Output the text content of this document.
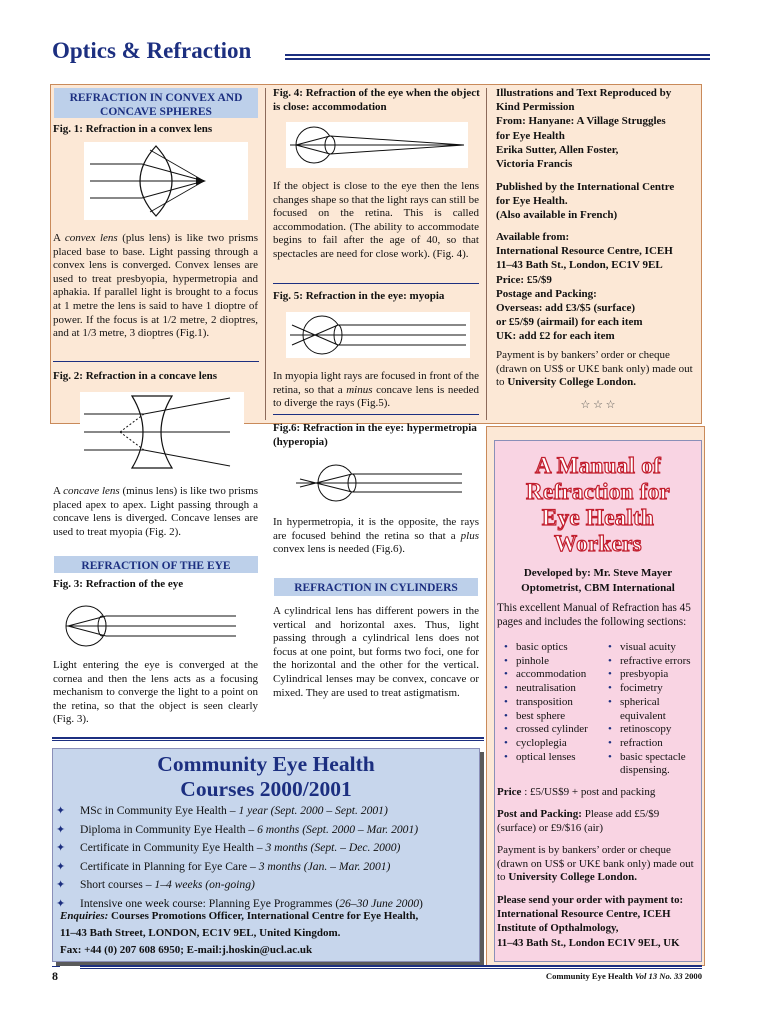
Optics & Refraction
REFRACTION IN CONVEX AND CONCAVE SPHERES
Fig. 1: Refraction in a convex lens
A convex lens (plus lens) is like two prisms placed base to base. Light passing through a convex lens is converged. Convex lenses are used to treat presbyopia, hypermetropia and aphakia. If parallel light is brought to a focus at 1 metre the lens is said to have 1 dioptre of power. If the focus is at 1/2 metre, 2 dioptres, and at 1/3 metre, 3 dioptres (Fig.1).
Fig. 2: Refraction in a concave lens
A concave lens (minus lens) is like two prisms placed apex to apex. Light passing through a concave lens is diverged. Concave lenses are used to treat myopia (Fig. 2).
REFRACTION OF THE EYE
Fig. 3: Refraction of the eye
Light entering the eye is converged at the cornea and then the lens acts as a focusing mechanism to converge the light to a point on the retina, so that the object is seen clearly (Fig. 3).
Fig. 4: Refraction of the eye when the object is close: accommodation
If the object is close to the eye then the lens changes shape so that the light rays can still be focused on the retina. This is called accommodation. (The ability to accommodate begins to fail after the age of 40, so that spectacles are need for close work). (Fig. 4).
Fig. 5: Refraction in the eye: myopia
In myopia light rays are focused in front of the retina, so that a minus concave lens is needed to diverge the rays (Fig.5).
Fig.6: Refraction in the eye: hypermetropia (hyperopia)
In hypermetropia, it is the opposite, the rays are focused behind the retina so that a plus convex lens is needed (Fig.6).
REFRACTION IN CYLINDERS
A cylindrical lens has different powers in the vertical and horizontal axes. Thus, light passing through a cylindrical lens does not focus at one point, but forms two foci, one for the horizontal and the other for the vertical. Cylindrical lenses may be convex, concave or mixed. They are used to treat astigmatism.
Illustrations and Text Reproduced by
Kind Permission
From: Hanyane: A Village Struggles
for Eye Health
Erika Sutter, Allen Foster,
Victoria Francis
Published by the International Centre
for Eye Health.
(Also available in French)
Available from:
International Resource Centre, ICEH
11–43 Bath St., London, EC1V 9EL
Price: £5/$9
Postage and Packing:
Overseas: add £3/$5 (surface)
or £5/$9 (airmail) for each item
UK: add £2 for each item
Payment is by bankers’ order or cheque (drawn on US$ or UK£ bank only) made out to University College London.
☆ ☆ ☆
A Manual of
Refraction for
Eye Health
Workers
Developed by: Mr. Steve Mayer
Optometrist, CBM International
This excellent Manual of Refraction has 45 pages and includes the following sections:
• basic optics
• pinhole
• accommodation
• neutralisation
• transposition
• best sphere
• crossed cylinder
• cycloplegia
• optical lenses
• visual acuity
• refractive errors
• presbyopia
• focimetry
• spherical
equivalent
• retinoscopy
• refraction
• basic spectacle
dispensing.
Price : £5/US$9 + post and packing
Post and Packing: Please add £5/$9 (surface) or £9/$16 (air)
Payment is by bankers’ order or cheque (drawn on US$ or UK£ bank only) made out to University College London.
Please send your order with payment to:
International Resource Centre, ICEH
Institute of Opthalmology,
11–43 Bath St., London EC1V 9EL, UK
Community Eye Health
Courses 2000/2001
✦ MSc in Community Eye Health – 1 year (Sept. 2000 – Sept. 2001)
✦ Diploma in Community Eye Health – 6 months (Sept. 2000 – Mar. 2001)
✦ Certificate in Community Eye Health – 3 months (Sept. – Dec. 2000)
✦ Certificate in Planning for Eye Care – 3 months (Jan. – Mar. 2001)
✦ Short courses – 1–4 weeks (on-going)
✦ Intensive one week course: Planning Eye Programmes (26–30 June 2000)
Enquiries: Courses Promotions Officer, International Centre for Eye Health,
11–43 Bath Street, LONDON, EC1V 9EL, United Kingdom.
Fax: +44 (0) 207 608 6950; E-mail:j.hoskin@ucl.ac.uk
8	Community Eye Health Vol 13 No. 33 2000
